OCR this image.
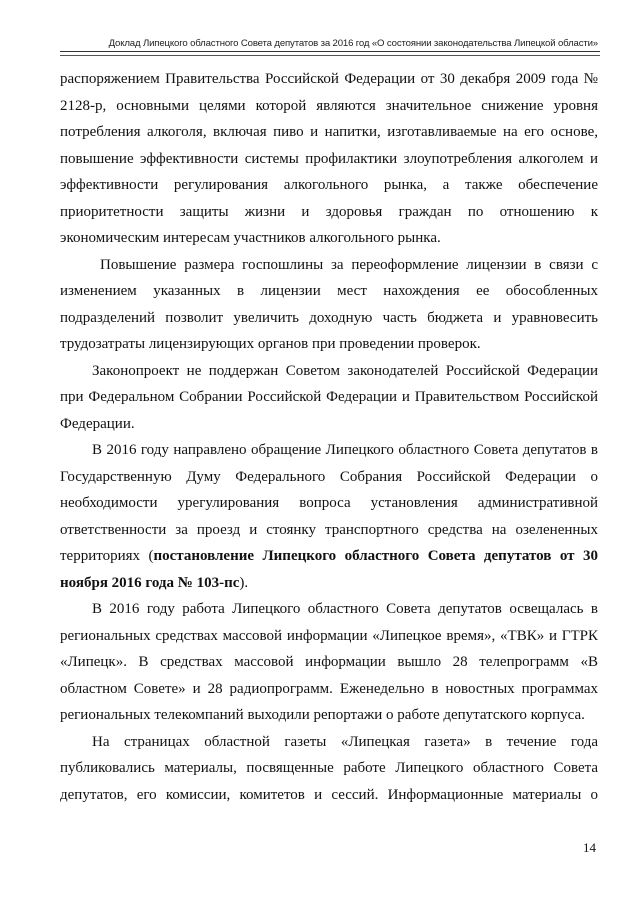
Доклад Липецкого областного Совета депутатов за 2016 год «О состоянии законодательства Липецкой области»

распоряжением Правительства Российской Федерации от 30 декабря 2009 года № 2128-р, основными целями которой являются значительное снижение уровня потребления алкоголя, включая пиво и напитки, изготавливаемые на его основе, повышение эффективности системы профилактики злоупотребления алкоголем и эффективности регулирования алкогольного рынка, а также обеспечение приоритетности защиты жизни и здоровья граждан по отношению к экономическим интересам участников алкогольного рынка.

Повышение размера госпошлины за переоформление лицензии в связи с изменением указанных в лицензии мест нахождения ее обособленных подразделений позволит увеличить доходную часть бюджета и уравновесить трудозатраты лицензирующих органов при проведении проверок.

Законопроект не поддержан Советом законодателей Российской Федерации при Федеральном Собрании Российской Федерации и Правительством Российской Федерации.

В 2016 году направлено обращение Липецкого областного Совета депутатов в Государственную Думу Федерального Собрания Российской Федерации о необходимости урегулирования вопроса установления административной ответственности за проезд и стоянку транспортного средства на озелененных территориях (постановление Липецкого областного Совета депутатов от 30 ноября 2016 года № 103-пс).

В 2016 году работа Липецкого областного Совета депутатов освещалась в региональных средствах массовой информации «Липецкое время», «ТВК» и ГТРК «Липецк». В средствах массовой информации вышло 28 телепрограмм «В областном Совете» и 28 радиопрограмм. Еженедельно в новостных программах региональных телекомпаний выходили репортажи о работе депутатского корпуса.

На страницах областной газеты «Липецкая газета» в течение года публиковались материалы, посвященные работе Липецкого областного Совета депутатов, его комиссии, комитетов и сессий. Информационные материалы о

14
